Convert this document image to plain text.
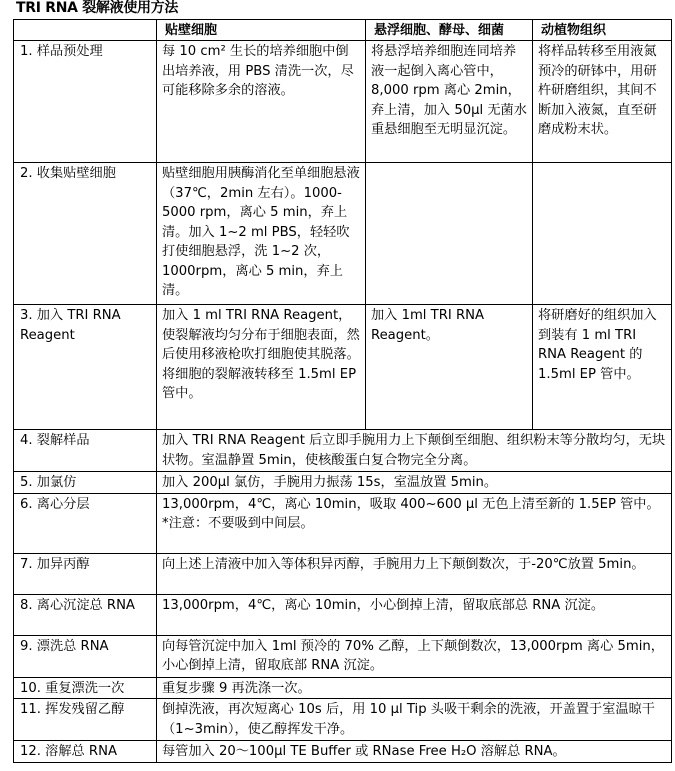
TRI RNA 裂解液使用方法
	贴壁细胞	悬浮细胞、酵母、细菌	动植物组织
1. 样品预处理	每 10 cm² 生长的培养细胞中倒出培养液，用 PBS 清洗一次，尽可能移除多余的溶液。	将悬浮培养细胞连同培养液一起倒入离心管中，8,000 rpm 离心 2min，弃上清，加入 50μl 无菌水重悬细胞至无明显沉淀。	将样品转移至用液氮预冷的研钵中，用研杵研磨组织，其间不断加入液氮，直至研磨成粉末状。
2. 收集贴壁细胞	贴壁细胞用胰酶消化至单细胞悬液（37℃，2min 左右）。1000-5000 rpm，离心 5 min，弃上清。加入 1~2 ml PBS，轻轻吹打使细胞悬浮，洗 1~2 次，1000rpm，离心 5 min，弃上清。		
3. 加入 TRI RNA Reagent	加入 1 ml TRI RNA Reagent，使裂解液均匀分布于细胞表面，然后使用移液枪吹打细胞使其脱落。将细胞的裂解液转移至 1.5ml EP 管中。	加入 1ml TRI RNA Reagent。	将研磨好的组织加入到装有 1 ml TRI RNA Reagent 的 1.5ml EP 管中。
4. 裂解样品	加入 TRI RNA Reagent 后立即手腕用力上下颠倒至细胞、组织粉末等分散均匀，无块状物。室温静置 5min，使核酸蛋白复合物完全分离。		
5. 加氯仿	加入 200μl 氯仿，手腕用力振荡 15s，室温放置 5min。		
6. 离心分层	13,000rpm，4℃，离心 10min，吸取 400~600 μl 无色上清至新的 1.5EP 管中。
*注意：不要吸到中间层。		

7. 加异丙醇	向上述上清液中加入等体积异丙醇，手腕用力上下颠倒数次，于-20℃放置 5min。		
8. 离心沉淀总 RNA	13,000rpm，4℃，离心 10min，小心倒掉上清，留取底部总 RNA 沉淀。		
9. 漂洗总 RNA	向每管沉淀中加入 1ml 预冷的 70% 乙醇，上下颠倒数次，13,000rpm 离心 5min，小心倒掉上清，留取底部 RNA 沉淀。		
10. 重复漂洗一次	重复步骤 9 再洗涤一次。		
11. 挥发残留乙醇	倒掉洗液，再次短离心 10s 后，用 10 μl Tip 头吸干剩余的洗液，开盖置于室温晾干（1~3min），使乙醇挥发干净。		
12. 溶解总 RNA	每管加入 20～100μl TE Buffer 或 RNase Free H₂O 溶解总 RNA。		
